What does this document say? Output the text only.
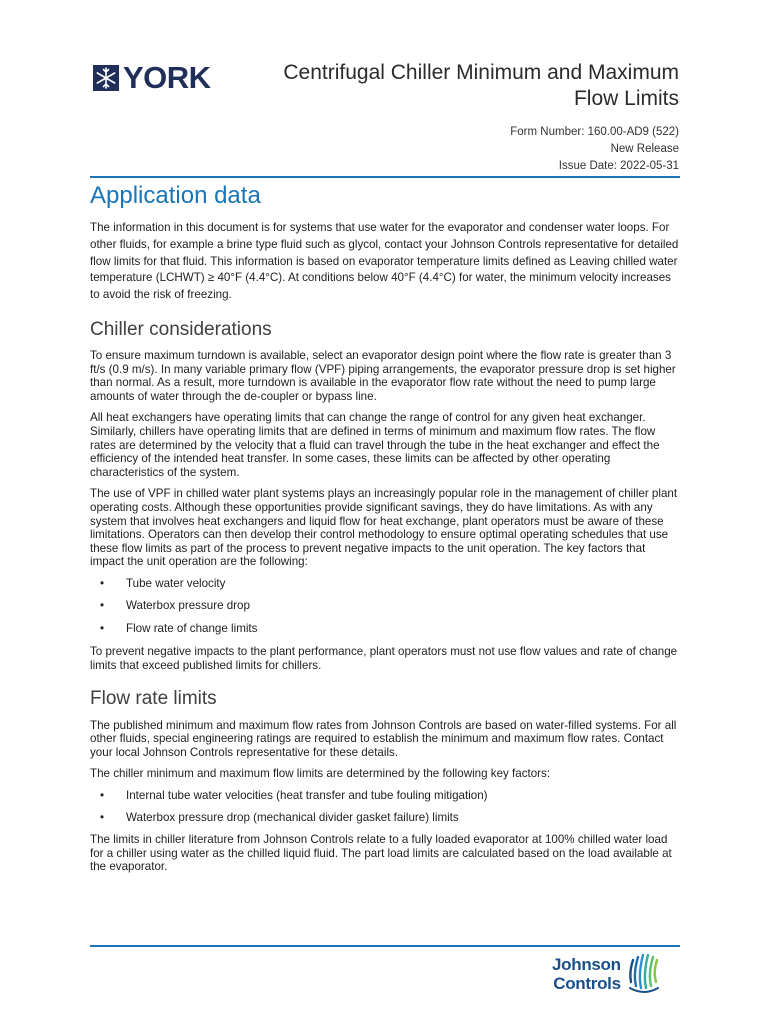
YORK	Centrifugal Chiller Minimum and Maximum
Flow Limits
Form Number: 160.00-AD9 (522)
New Release
Issue Date: 2022-05-31
Application data

The information in this document is for systems that use water for the evaporator and condenser water loops. For other fluids, for example a brine type fluid such as glycol, contact your Johnson Controls representative for detailed flow limits for that fluid. This information is based on evaporator temperature limits defined as Leaving chilled water temperature (LCHWT) ≥ 40°F (4.4°C). At conditions below 40°F (4.4°C) for water, the minimum velocity increases to avoid the risk of freezing.

Chiller considerations

To ensure maximum turndown is available, select an evaporator design point where the flow rate is greater than 3 ft/s (0.9 m/s). In many variable primary flow (VPF) piping arrangements, the evaporator pressure drop is set higher than normal. As a result, more turndown is available in the evaporator flow rate without the need to pump large amounts of water through the de-coupler or bypass line.

All heat exchangers have operating limits that can change the range of control for any given heat exchanger. Similarly, chillers have operating limits that are defined in terms of minimum and maximum flow rates. The flow rates are determined by the velocity that a fluid can travel through the tube in the heat exchanger and effect the efficiency of the intended heat transfer. In some cases, these limits can be affected by other operating characteristics of the system.

The use of VPF in chilled water plant systems plays an increasingly popular role in the management of chiller plant operating costs. Although these opportunities provide significant savings, they do have limitations. As with any system that involves heat exchangers and liquid flow for heat exchange, plant operators must be aware of these limitations. Operators can then develop their control methodology to ensure optimal operating schedules that use these flow limits as part of the process to prevent negative impacts to the unit operation. The key factors that impact the unit operation are the following:

• Tube water velocity
• Waterbox pressure drop
• Flow rate of change limits

To prevent negative impacts to the plant performance, plant operators must not use flow values and rate of change limits that exceed published limits for chillers.

Flow rate limits

The published minimum and maximum flow rates from Johnson Controls are based on water-filled systems. For all other fluids, special engineering ratings are required to establish the minimum and maximum flow rates. Contact your local Johnson Controls representative for these details.

The chiller minimum and maximum flow limits are determined by the following key factors:

• Internal tube water velocities (heat transfer and tube fouling mitigation)
• Waterbox pressure drop (mechanical divider gasket failure) limits

The limits in chiller literature from Johnson Controls relate to a fully loaded evaporator at 100% chilled water load for a chiller using water as the chilled liquid fluid. The part load limits are calculated based on the load available at the evaporator.

Johnson
Controls
